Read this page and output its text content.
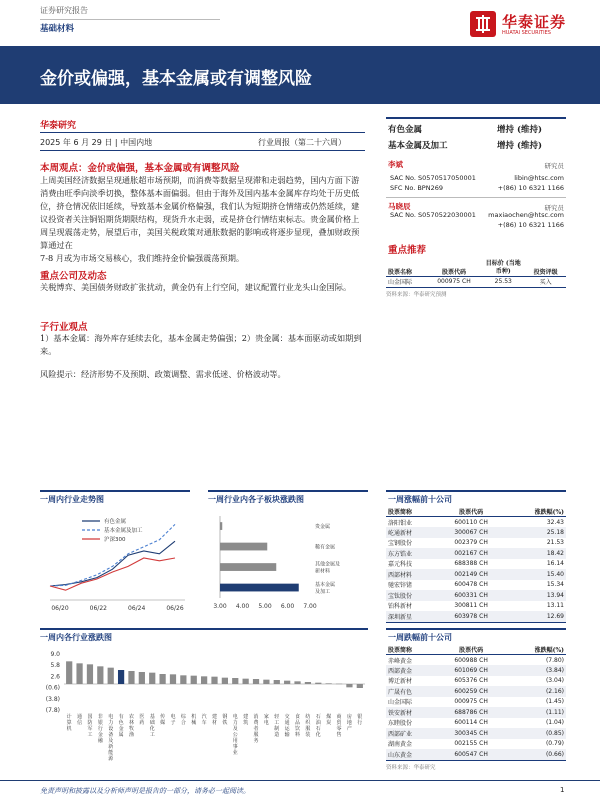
证券研究报告
基础材料	华泰证券
HUATAI SECURITIES
金价或偏强，基本金属或有调整风险
华泰研究
2025 年 6 月 29 日 | 中国内地	行业周报（第二十六周）
本周观点：金价或偏强，基本金属或有调整风险
上周美国经济数据呈现通胀超市场预期，而消费等数据呈现滞和走弱趋势，国内方面下游消费由旺季向淡季切换，整体基本面偏弱。但由于海外及国内基本金属库存均处于历史低位，挤仓情况依旧延续，导致基本金属价格偏强，我们认为短期挤仓情绪或仍然延续，建议投资者关注铜铝期货期限结构，现货升水走弱，或是挤仓行情结束标志。贵金属价格上周呈现震荡走势，展望后市，美国关税政策对通胀数据的影响或将逐步显现，叠加财政预算通过在
7-8 月或为市场交易核心，我们维持金价偏强震荡预期。
重点公司及动态
关税博弈、美国债务财政扩张扰动，黄金仍有上行空间，建议配置行业龙头山金国际。
子行业观点
1）基本金属：海外库存延续去化，基本金属走势偏强；2）贵金属：基本面驱动或如期到来。
风险提示：经济形势不及预期、政策调整、需求低迷、价格波动等。
有色金属	增持 (维持)
基本金属及加工	增持 (维持)
李斌	研究员
SAC No. S0570517050001	libin@htsc.com
SFC No. BPN269	+(86) 10 6321 1166
马晓辰	研究员
SAC No. S0570522030001 maxiaochen@htsc.com
+(86) 10 6321 1166
重点推荐
股票名称	股票代码	目标价 (当地币种)	投资评级
山金国际	000975 CH	25.53	买入
资料来源：华泰研究预测
一周内行业走势图
06/20	06/22	06/24	06/26
有色金属
基本金属及加工
沪深300
一周行业内各子板块涨跌图
贵金属
稀有金属
其他金属及
新材料
基本金属
及加工
3.00 4.00 5.00 6.00 7.00
一周内各行业涨跌图
9.0
5.8
2.6
(0.6)
(3.8)
(7.8)
计算机
通信
国防军工
非银行金融
电力设备及新能源
有色金属
农林牧渔
医药
基础化工
传媒
电子
综合
机械
汽车
建材
钢铁
电力及公用事业
建筑
消费者服务
家电
轻工制造
交通运输
食品饮料
纺织服装
石油石化
煤炭
商贸零售
房地产
银行
一周涨幅前十公司
股票简称	股票代码	涨跌幅(%)
洛阳钼业	600110 CH	32.43
屹通新材	300067 CH	25.18
宝钢股份	002379 CH	21.53
东方锆业	002167 CH	18.42
嘉元科技	688388 CH	16.14
西部材料	002149 CH	15.40
驰宏锌锗	600478 CH	15.34
宝钛股份	600331 CH	13.94
铂科新材	300811 CH	13.11
深圳新星	603978 CH	12.69
一周跌幅前十公司
股票简称	股票代码	涨跌幅(%)
赤峰黄金	600988 CH	(7.80)
西部黄金	601069 CH	(3.84)
博迁新材	605376 CH	(3.04)
广晟有色	600259 CH	(2.16)
山金国际	000975 CH	(1.45)
铁安新材	688786 CH	(1.11)
东睦股份	600114 CH	(1.04)
西部矿业	300345 CH	(0.85)
湖南黄金	002155 CH	(0.79)
山东黄金	600547 CH	(0.66)
资料来源：华泰研究
免责声明和披露以及分析师声明是报告的一部分，请务必一起阅读。	1
